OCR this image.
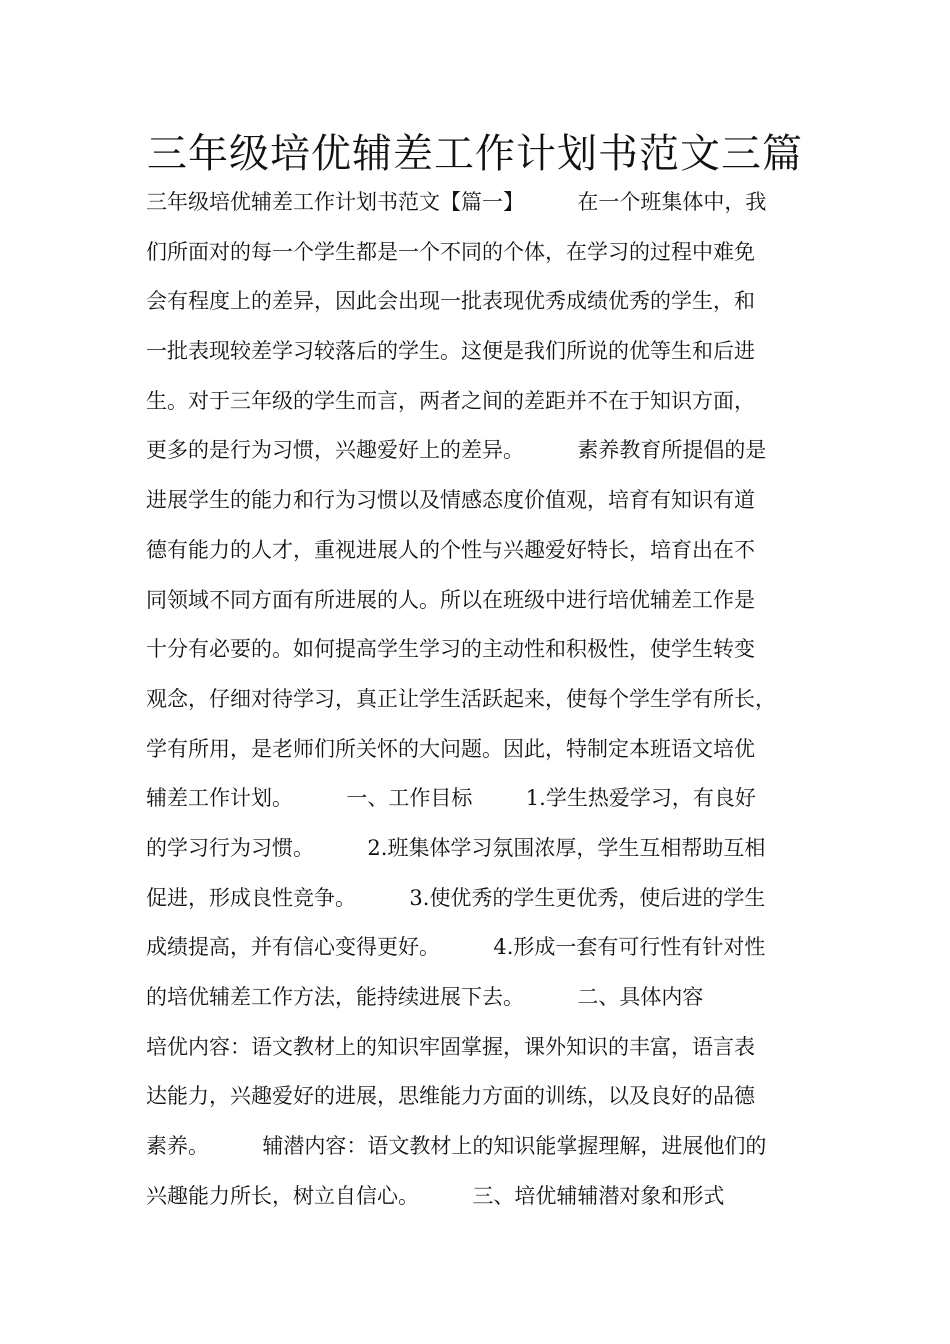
三年级培优辅差工作计划书范文三篇
三年级培优辅差工作计划书范文【篇一】        在一个班集体中，我
们所面对的每一个学生都是一个不同的个体，在学习的过程中难免
会有程度上的差异，因此会出现一批表现优秀成绩优秀的学生，和
一批表现较差学习较落后的学生。这便是我们所说的优等生和后进
生。对于三年级的学生而言，两者之间的差距并不在于知识方面，
更多的是行为习惯，兴趣爱好上的差异。        素养教育所提倡的是
进展学生的能力和行为习惯以及情感态度价值观，培育有知识有道
德有能力的人才，重视进展人的个性与兴趣爱好特长，培育出在不
同领域不同方面有所进展的人。所以在班级中进行培优辅差工作是
十分有必要的。如何提高学生学习的主动性和积极性，使学生转变
观念，仔细对待学习，真正让学生活跃起来，使每个学生学有所长，
学有所用，是老师们所关怀的大问题。因此，特制定本班语文培优
辅差工作计划。        一、工作目标        1.学生热爱学习，有良好
的学习行为习惯。        2.班集体学习氛围浓厚，学生互相帮助互相
促进，形成良性竞争。        3.使优秀的学生更优秀，使后进的学生
成绩提高，并有信心变得更好。        4.形成一套有可行性有针对性
的培优辅差工作方法，能持续进展下去。        二、具体内容
培优内容：语文教材上的知识牢固掌握，课外知识的丰富，语言表
达能力，兴趣爱好的进展，思维能力方面的训练，以及良好的品德
素养。        辅潜内容：语文教材上的知识能掌握理解，进展他们的
兴趣能力所长，树立自信心。        三、培优辅辅潜对象和形式
